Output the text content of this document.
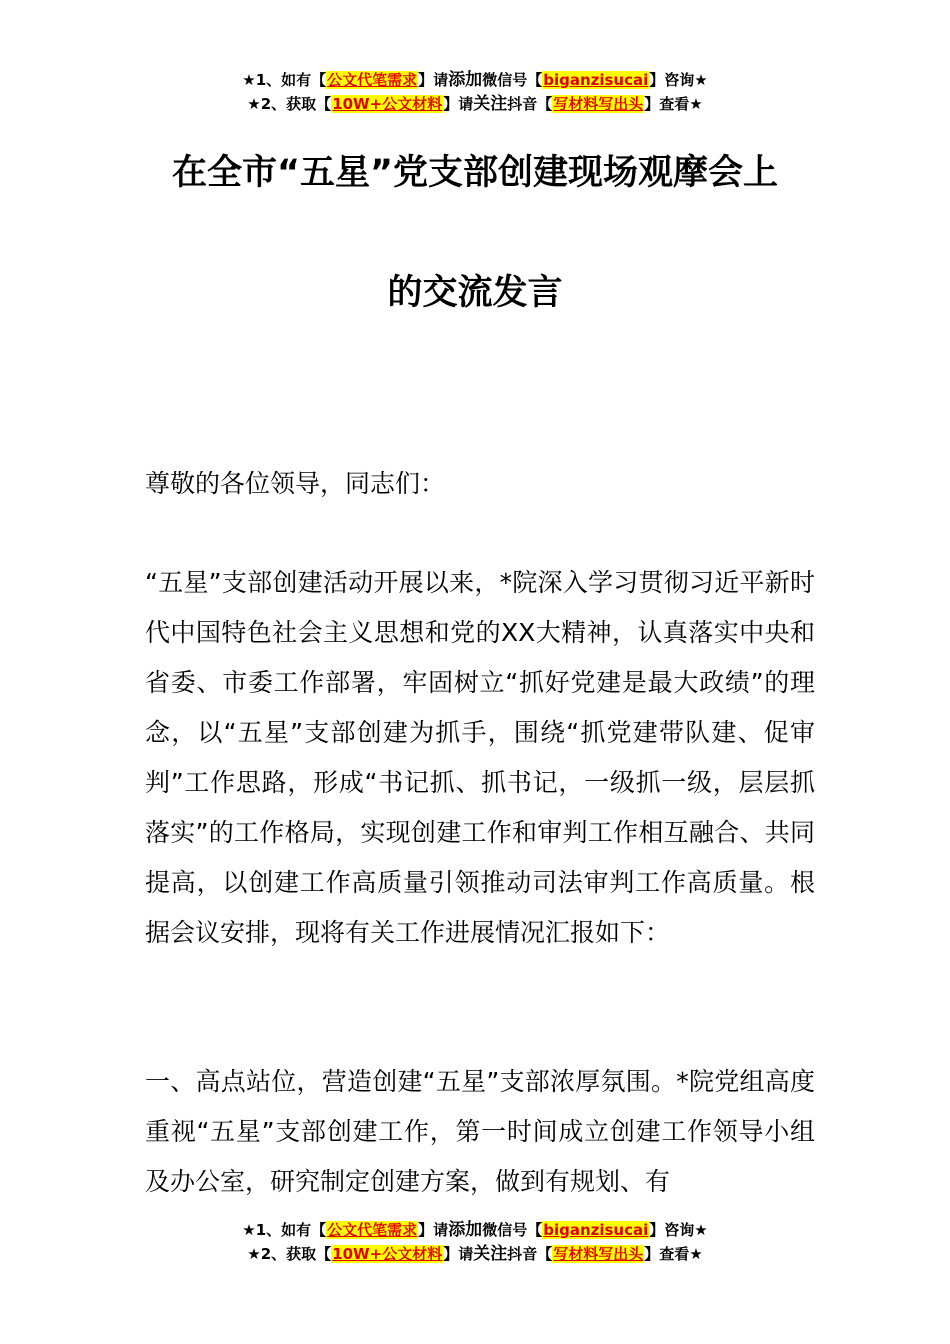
★1、如有【公文代笔需求】请添加微信号【biganzisucai】咨询★
★2、获取【10W+公文材料】请关注抖音【写材料写出头】查看★
在全市“五星”党支部创建现场观摩会上
的交流发言

尊敬的各位领导，同志们：

“五星”支部创建活动开展以来，*院深入学习贯彻习近平新时代中国特色社会主义思想和党的XX大精神，认真落实中央和省委、市委工作部署，牢固树立“抓好党建是最大政绩”的理念，以“五星”支部创建为抓手，围绕“抓党建带队建、促审判”工作思路，形成“书记抓、抓书记，一级抓一级，层层抓落实”的工作格局，实现创建工作和审判工作相互融合、共同提高，以创建工作高质量引领推动司法审判工作高质量。根据会议安排，现将有关工作进展情况汇报如下：

一、高点站位，营造创建“五星”支部浓厚氛围。*院党组高度重视“五星”支部创建工作，第一时间成立创建工作领导小组及办公室，研究制定创建方案，做到有规划、有

★1、如有【公文代笔需求】请添加微信号【biganzisucai】咨询★
★2、获取【10W+公文材料】请关注抖音【写材料写出头】查看★
